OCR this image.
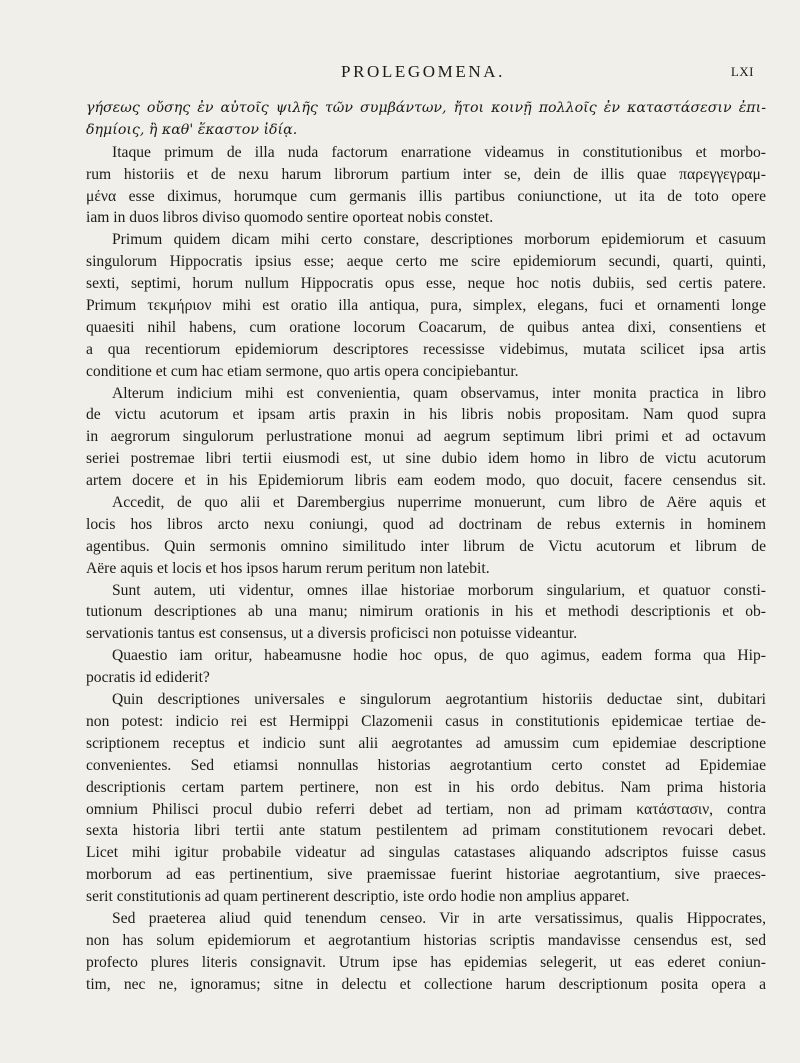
PROLEGOMENA.	LXI
γήσεως οὔσης ἐν αὐτοῖς ψιλῆς τῶν συμβάντων, ἤτοι κοινῇ πολλοῖς ἐν καταστάσεσιν ἐπι-
δημίοις, ἢ καθ' ἕκαστον ἰδίᾳ.
Itaque primum de illa nuda factorum enarratione videamus in constitutionibus et morbo-
rum historiis et de nexu harum librorum partium inter se, dein de illis quae παρεγγεγραμ-
μένα esse diximus, horumque cum germanis illis partibus coniunctione, ut ita de toto opere
iam in duos libros diviso quomodo sentire oporteat nobis constet.
Primum quidem dicam mihi certo constare, descriptiones morborum epidemiorum et casuum
singulorum Hippocratis ipsius esse; aeque certo me scire epidemiorum secundi, quarti, quinti,
sexti, septimi, horum nullum Hippocratis opus esse, neque hoc notis dubiis, sed certis patere.
Primum τεκμήριον mihi est oratio illa antiqua, pura, simplex, elegans, fuci et ornamenti longe
quaesiti nihil habens, cum oratione locorum Coacarum, de quibus antea dixi, consentiens et
a qua recentiorum epidemiorum descriptores recessisse videbimus, mutata scilicet ipsa artis
conditione et cum hac etiam sermone, quo artis opera concipiebantur.
Alterum indicium mihi est convenientia, quam observamus, inter monita practica in libro
de victu acutorum et ipsam artis praxin in his libris nobis propositam. Nam quod supra
in aegrorum singulorum perlustratione monui ad aegrum septimum libri primi et ad octavum
seriei postremae libri tertii eiusmodi est, ut sine dubio idem homo in libro de victu acutorum
artem docere et in his Epidemiorum libris eam eodem modo, quo docuit, facere censendus sit.
Accedit, de quo alii et Darembergius nuperrime monuerunt, cum libro de Aëre aquis et
locis hos libros arcto nexu coniungi, quod ad doctrinam de rebus externis in hominem
agentibus. Quin sermonis omnino similitudo inter librum de Victu acutorum et librum de
Aëre aquis et locis et hos ipsos harum rerum peritum non latebit.
Sunt autem, uti videntur, omnes illae historiae morborum singularium, et quatuor consti-
tutionum descriptiones ab una manu; nimirum orationis in his et methodi descriptionis et ob-
servationis tantus est consensus, ut a diversis proficisci non potuisse videantur.
Quaestio iam oritur, habeamusne hodie hoc opus, de quo agimus, eadem forma qua Hip-
pocratis id ediderit?
Quin descriptiones universales e singulorum aegrotantium historiis deductae sint, dubitari
non potest: indicio rei est Hermippi Clazomenii casus in constitutionis epidemicae tertiae de-
scriptionem receptus et indicio sunt alii aegrotantes ad amussim cum epidemiae descriptione
convenientes. Sed etiamsi nonnullas historias aegrotantium certo constet ad Epidemiae
descriptionis certam partem pertinere, non est in his ordo debitus. Nam prima historia
omnium Philisci procul dubio referri debet ad tertiam, non ad primam κατάστασιν, contra
sexta historia libri tertii ante statum pestilentem ad primam constitutionem revocari debet.
Licet mihi igitur probabile videatur ad singulas catastases aliquando adscriptos fuisse casus
morborum ad eas pertinentium, sive praemissae fuerint historiae aegrotantium, sive praeces-
serit constitutionis ad quam pertinerent descriptio, iste ordo hodie non amplius apparet.
Sed praeterea aliud quid tenendum censeo. Vir in arte versatissimus, qualis Hippocrates,
non has solum epidemiorum et aegrotantium historias scriptis mandavisse censendus est, sed
profecto plures literis consignavit. Utrum ipse has epidemias selegerit, ut eas ederet coniun-
tim, nec ne, ignoramus; sitne in delectu et collectione harum descriptionum posita opera a
